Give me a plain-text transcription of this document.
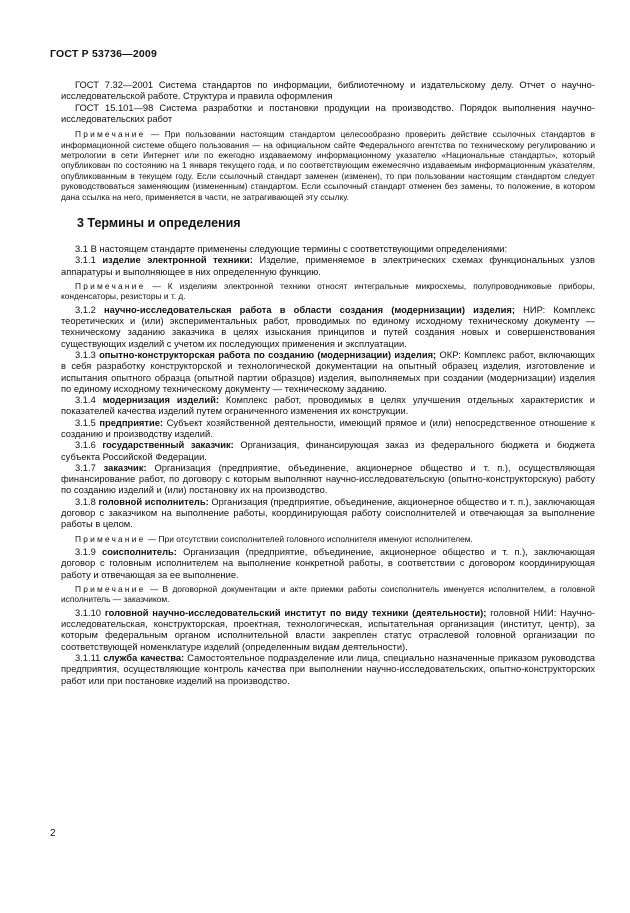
ГОСТ Р 53736—2009

ГОСТ 7.32—2001 Система стандартов по информации, библиотечному и издательскому делу. Отчет о научно-исследовательской работе. Структура и правила оформления

ГОСТ 15.101—98 Система разработки и постановки продукции на производство. Порядок выполнения научно-исследовательских работ

Примечание — При пользовании настоящим стандартом целесообразно проверить действие ссылочных стандартов в информационной системе общего пользования — на официальном сайте Федерального агентства по техническому регулированию и метрологии в сети Интернет или по ежегодно издаваемому информационному указателю «Национальные стандарты», который опубликован по состоянию на 1 января текущего года, и по соответствующим ежемесячно издаваемым информационным указателям, опубликованным в текущем году. Если ссылочный стандарт заменен (изменен), то при пользовании настоящим стандартом следует руководствоваться заменяющим (измененным) стандартом. Если ссылочный стандарт отменен без замены, то положение, в котором дана ссылка на него, применяется в части, не затрагивающей эту ссылку.

3 Термины и определения

3.1 В настоящем стандарте применены следующие термины с соответствующими определениями:

3.1.1 изделие электронной техники: Изделие, применяемое в электрических схемах функциональных узлов аппаратуры и выполняющее в них определенную функцию.

Примечание — К изделиям электронной техники относят интегральные микросхемы, полупроводниковые приборы, конденсаторы, резисторы и т. д.

3.1.2 научно-исследовательская работа в области создания (модернизации) изделия; НИР: Комплекс теоретических и (или) экспериментальных работ, проводимых по единому исходному техническому документу — техническому заданию заказчика в целях изыскания принципов и путей создания новых и совершенствования существующих изделий с учетом их последующих применения и эксплуатации.

3.1.3 опытно-конструкторская работа по созданию (модернизации) изделия; ОКР: Комплекс работ, включающих в себя разработку конструкторской и технологической документации на опытный образец изделия, изготовление и испытания опытного образца (опытной партии образцов) изделия, выполняемых при создании (модернизации) изделия по единому исходному техническому документу — техническому заданию.

3.1.4 модернизация изделий: Комплекс работ, проводимых в целях улучшения отдельных характеристик и показателей качества изделий путем ограниченного изменения их конструкции.

3.1.5 предприятие: Субъект хозяйственной деятельности, имеющий прямое и (или) непосредственное отношение к созданию и производству изделий.

3.1.6 государственный заказчик: Организация, финансирующая заказ из федерального бюджета и бюджета субъекта Российской Федерации.

3.1.7 заказчик: Организация (предприятие, объединение, акционерное общество и т. п.), осуществляющая финансирование работ, по договору с которым выполняют научно-исследовательскую (опытно-конструкторскую) работу по созданию изделий и (или) постановку их на производство.

3.1.8 головной исполнитель: Организация (предприятие, объединение, акционерное общество и т. п.), заключающая договор с заказчиком на выполнение работы, координирующая работу соисполнителей и отвечающая за выполнение работы в целом.

Примечание — При отсутствии соисполнителей головного исполнителя именуют исполнителем.

3.1.9 соисполнитель: Организация (предприятие, объединение, акционерное общество и т. п.), заключающая договор с головным исполнителем на выполнение конкретной работы, в соответствии с договором координирующая работу и отвечающая за ее выполнение.

Примечание — В договорной документации и акте приемки работы соисполнитель именуется исполнителем, а головной исполнитель — заказчиком.

3.1.10 головной научно-исследовательский институт по виду техники (деятельности); головной НИИ: Научно-исследовательская, конструкторская, проектная, технологическая, испытательная организация (институт, центр), за которым федеральным органом исполнительной власти закреплен статус отраслевой головной организации по соответствующей номенклатуре изделий (определенным видам деятельности).

3.1.11 служба качества: Самостоятельное подразделение или лица, специально назначенные приказом руководства предприятия, осуществляющие контроль качества при выполнении научно-исследовательских, опытно-конструкторских работ или при постановке изделий на производство.

2
